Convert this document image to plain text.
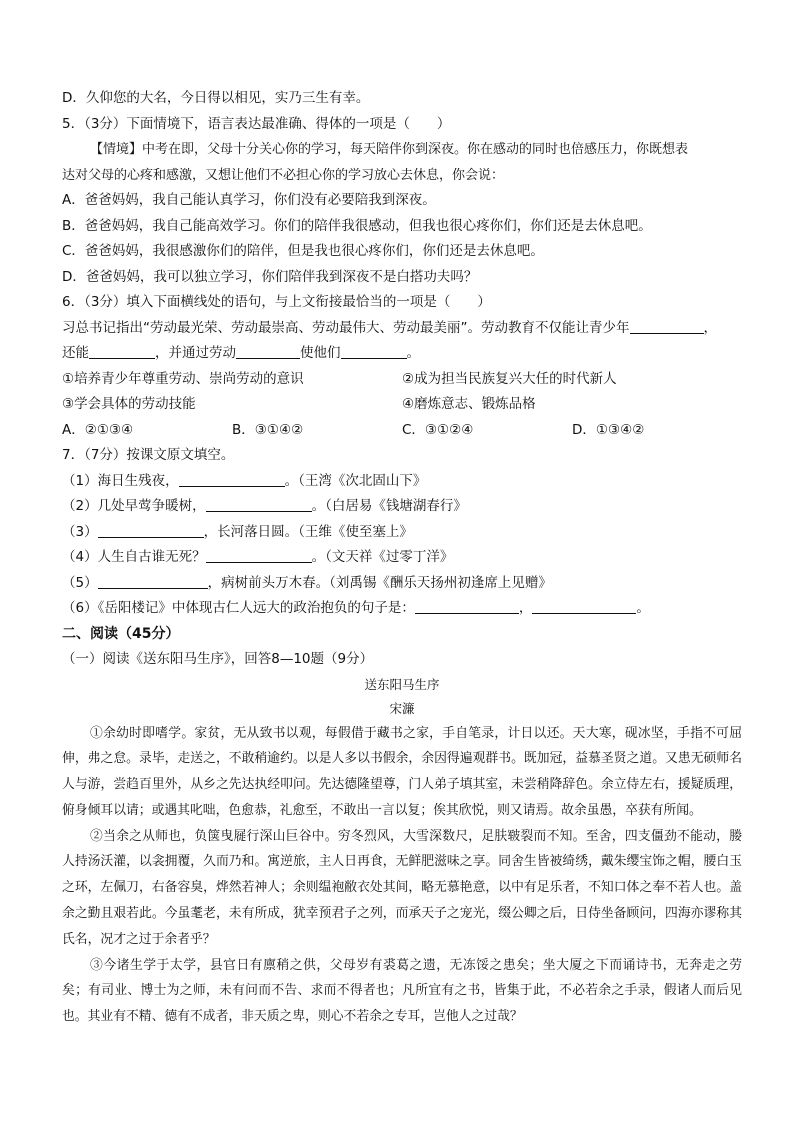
D．久仰您的大名，今日得以相见，实乃三生有幸。
5．（3分）下面情境下，语言表达最准确、得体的一项是（　　）
【情境】中考在即，父母十分关心你的学习，每天陪伴你到深夜。你在感动的同时也倍感压力，你既想表
达对父母的心疼和感激，又想让他们不必担心你的学习放心去休息，你会说：
A．爸爸妈妈，我自己能认真学习，你们没有必要陪我到深夜。
B．爸爸妈妈，我自己能高效学习。你们的陪伴我很感动，但我也很心疼你们，你们还是去休息吧。
C．爸爸妈妈，我很感激你们的陪伴，但是我也很心疼你们，你们还是去休息吧。
D．爸爸妈妈，我可以独立学习，你们陪伴我到深夜不是白搭功夫吗？
6．（3分）填入下面横线处的语句，与上文衔接最恰当的一项是（　　）
习总书记指出“劳动最光荣、劳动最崇高、劳动最伟大、劳动最美丽”。劳动教育不仅能让青少年	，
还能	，并通过劳动	使他们	。
①培养青少年尊重劳动、崇尚劳动的意识	②成为担当民族复兴大任的时代新人
③学会具体的劳动技能	④磨炼意志、锻炼品格
A．②①③④	B．③①④②	C．③①②④	D．①③④②
7．（7分）按课文原文填空。
（1）海日生残夜，	。（王湾《次北固山下》
（2）几处早莺争暖树，	。（白居易《钱塘湖春行》
（3）	，长河落日圆。（王维《使至塞上》
（4）人生自古谁无死？	。（文天祥《过零丁洋》
（5）	，病树前头万木春。（刘禹锡《酬乐天扬州初逢席上见赠》
（6）《岳阳楼记》中体现古仁人远大的政治抱负的句子是：	，	。
二、阅读（45分）
（一）阅读《送东阳马生序》，回答8—10题（9分）
送东阳马生序
宋濂

①余幼时即嗜学。家贫，无从致书以观，每假借于藏书之家，手自笔录，计日以还。天大寒，砚冰坚，手指不可屈伸，弗之怠。录毕，走送之，不敢稍逾约。以是人多以书假余，余因得遍观群书。既加冠，益慕圣贤之道。又患无硕师名人与游，尝趋百里外，从乡之先达执经叩问。先达德隆望尊，门人弟子填其室，未尝稍降辞色。余立侍左右，援疑质理，俯身倾耳以请；或遇其叱咄，色愈恭，礼愈至，不敢出一言以复；俟其欣悦，则又请焉。故余虽愚，卒获有所闻。

②当余之从师也，负箧曳屣行深山巨谷中。穷冬烈风，大雪深数尺，足肤皲裂而不知。至舍，四支僵劲不能动，媵人持汤沃灌，以衾拥覆，久而乃和。寓逆旅，主人日再食，无鲜肥滋味之享。同舍生皆被绮绣，戴朱缨宝饰之帽，腰白玉之环，左佩刀，右备容臭，烨然若神人；余则缊袍敝衣处其间，略无慕艳意，以中有足乐者，不知口体之奉不若人也。盖余之勤且艰若此。今虽耄老，未有所成，犹幸预君子之列，而承天子之宠光，缀公卿之后，日侍坐备顾问，四海亦谬称其氏名，况才之过于余者乎？

③今诸生学于太学，县官日有廪稍之供，父母岁有裘葛之遗，无冻馁之患矣；坐大厦之下而诵诗书，无奔走之劳矣；有司业、博士为之师，未有问而不告、求而不得者也；凡所宜有之书，皆集于此，不必若余之手录，假诸人而后见也。其业有不精、德有不成者，非天质之卑，则心不若余之专耳，岂他人之过哉？
